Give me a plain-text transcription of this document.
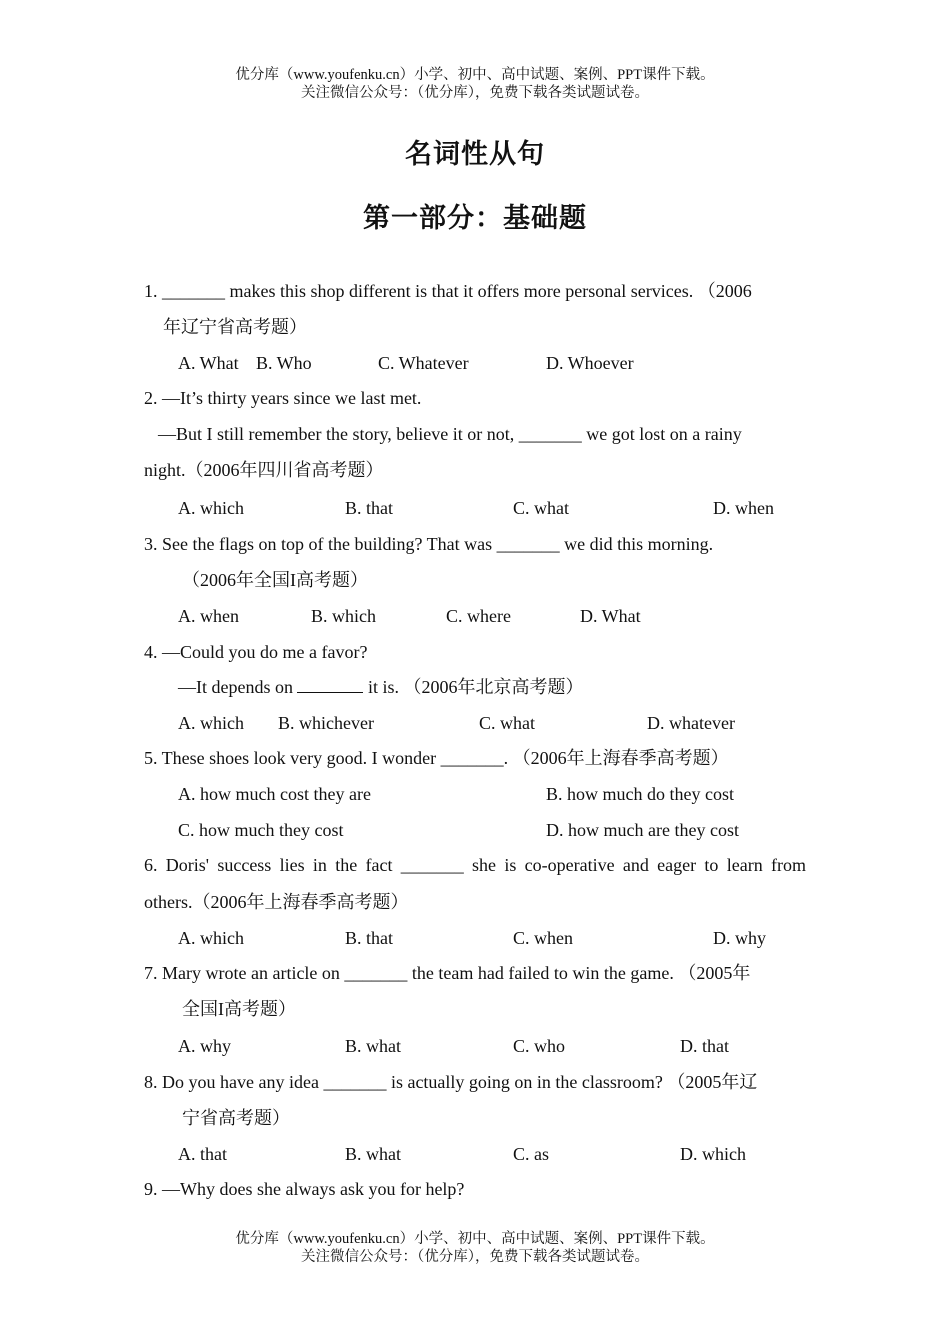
优分库（www.youfenku.cn）小学、初中、高中试题、案例、PPT课件下载。
关注微信公众号：（优分库），免费下载各类试题试卷。
名词性从句
第一部分：基础题
1. _______ makes this shop different is that it offers more personal services. （2006
年辽宁省高考题）
A. What B. Who	C. Whatever	D. Whoever
2. —It’s thirty years since we last met.
—But I still remember the story, believe it or not, _______ we got lost on a rainy
night.（2006年四川省高考题）
A. which	B. that	C. what	D. when
3. See the flags on top of the building? That was _______ we did this morning.
（2006年全国I高考题）
A. when	B. which	C. where	D. What
4. —Could you do me a favor?
—It depends on	it is. （2006年北京高考题）
A. which B. whichever	C. what	D. whatever
5. These shoes look very good. I wonder _______. （2006年上海春季高考题）
A. how much cost they are	B. how much do they cost
C. how much they cost	D. how much are they cost
6. Doris' success lies in the fact _______ she is co-operative and eager to learn from
others.（2006年上海春季高考题）
A. which	B. that	C. when	D. why
7. Mary wrote an article on _______ the team had failed to win the game. （2005年
全国I高考题）
A. why	B. what	C. who	D. that
8. Do you have any idea _______ is actually going on in the classroom? （2005年辽
宁省高考题）
A. that	B. what	C. as	D. which
9. —Why does she always ask you for help?
优分库（www.youfenku.cn）小学、初中、高中试题、案例、PPT课件下载。
关注微信公众号：（优分库），免费下载各类试题试卷。
